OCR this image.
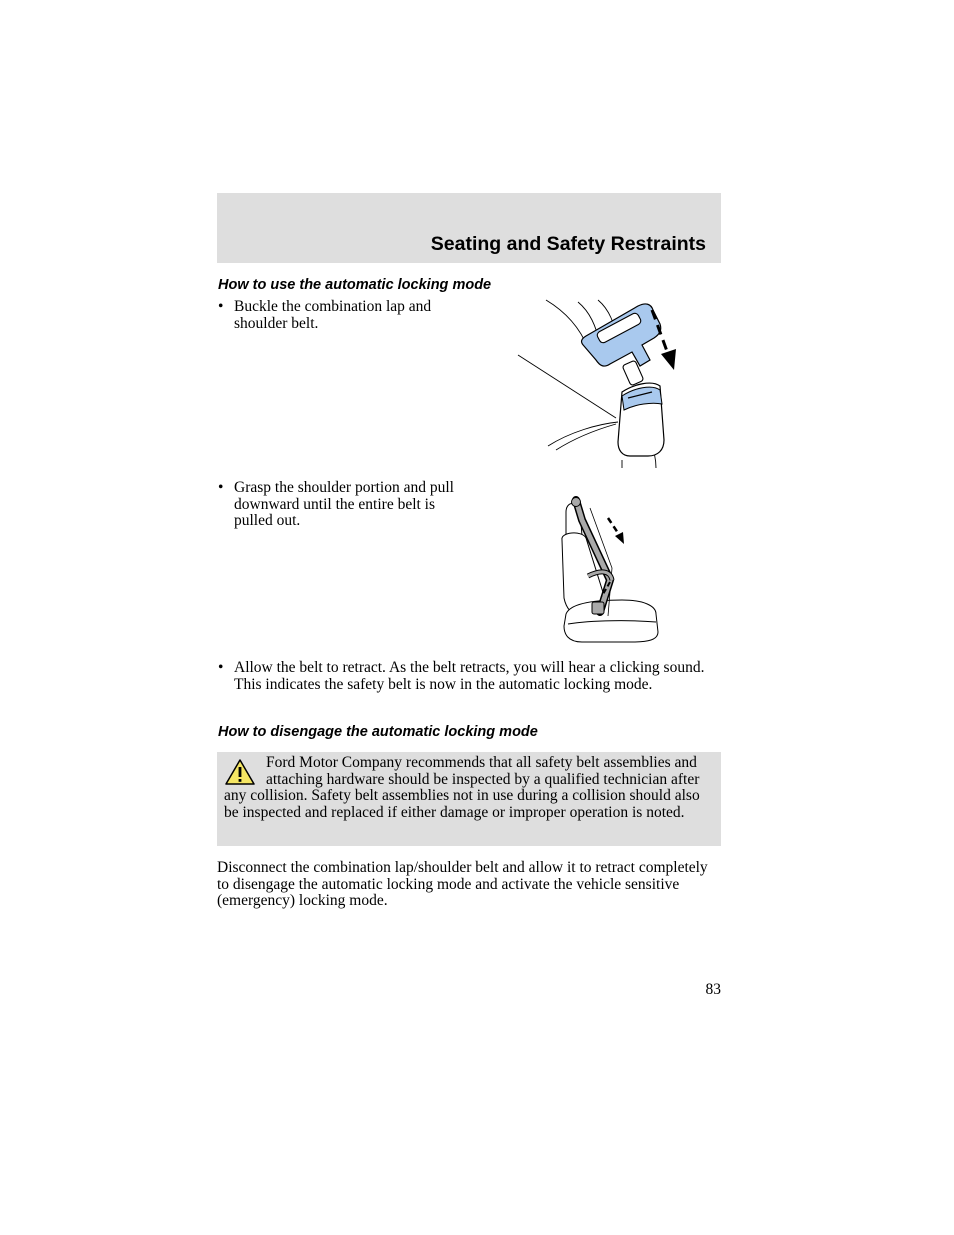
Seating and Safety Restraints
How to use the automatic locking mode
• Buckle the combination lap and shoulder belt.
• Grasp the shoulder portion and pull downward until the entire belt is pulled out.
• Allow the belt to retract. As the belt retracts, you will hear a clicking sound. This indicates the safety belt is now in the automatic locking mode.
How to disengage the automatic locking mode
Ford Motor Company recommends that all safety belt assemblies and attaching hardware should be inspected by a qualified technician after any collision. Safety belt assemblies not in use during a collision should also be inspected and replaced if either damage or improper operation is noted.
Disconnect the combination lap/shoulder belt and allow it to retract completely to disengage the automatic locking mode and activate the vehicle sensitive (emergency) locking mode.
83
